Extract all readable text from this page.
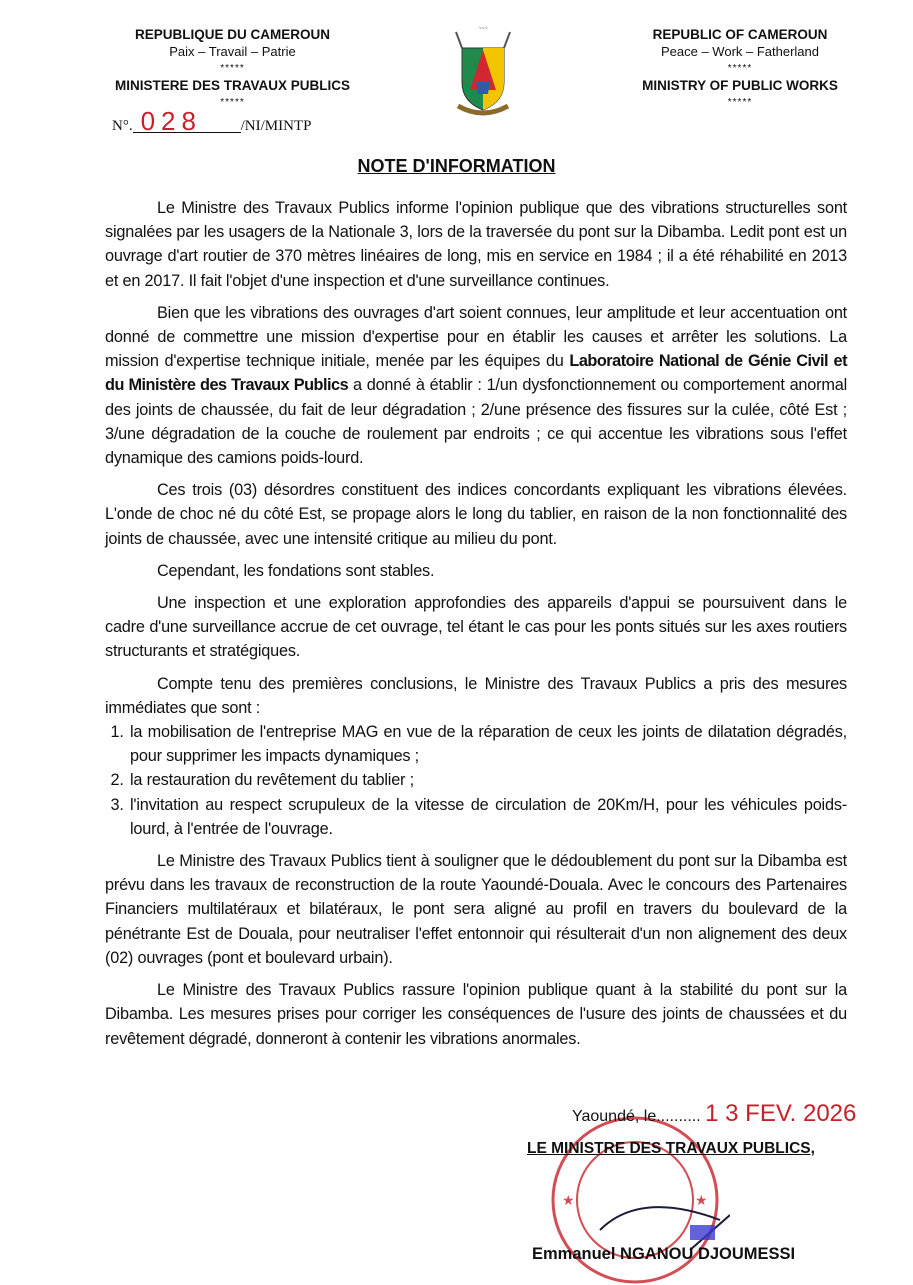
REPUBLIQUE DU CAMEROUN
Paix – Travail – Patrie
*****
MINISTERE DES TRAVAUX PUBLICS
*****
REPUBLIC OF CAMEROUN
Peace – Work – Fatherland
*****
MINISTRY OF PUBLIC WORKS
*****
~~~
N°. 028	/NI/MINTP
NOTE D'INFORMATION

Le Ministre des Travaux Publics informe l'opinion publique que des vibrations structurelles sont signalées par les usagers de la Nationale 3, lors de la traversée du pont sur la Dibamba. Ledit pont est un ouvrage d'art routier de 370 mètres linéaires de long, mis en service en 1984 ; il a été réhabilité en 2013 et en 2017. Il fait l'objet d'une inspection et d'une surveillance continues.

Bien que les vibrations des ouvrages d'art soient connues, leur amplitude et leur accentuation ont donné de commettre une mission d'expertise pour en établir les causes et arrêter les solutions. La mission d'expertise technique initiale, menée par les équipes du Laboratoire National de Génie Civil et du Ministère des Travaux Publics a donné à établir : 1/un dysfonctionnement ou comportement anormal des joints de chaussée, du fait de leur dégradation ; 2/une présence des fissures sur la culée, côté Est ; 3/une dégradation de la couche de roulement par endroits ; ce qui accentue les vibrations sous l'effet dynamique des camions poids-lourd.

Ces trois (03) désordres constituent des indices concordants expliquant les vibrations élevées. L'onde de choc né du côté Est, se propage alors le long du tablier, en raison de la non fonctionnalité des joints de chaussée, avec une intensité critique au milieu du pont.

Cependant, les fondations sont stables.

Une inspection et une exploration approfondies des appareils d'appui se poursuivent dans le cadre d'une surveillance accrue de cet ouvrage, tel étant le cas pour les ponts situés sur les axes routiers structurants et stratégiques.

Compte tenu des premières conclusions, le Ministre des Travaux Publics a pris des mesures immédiates que sont :

1. la mobilisation de l'entreprise MAG en vue de la réparation de ceux les joints de dilatation dégradés, pour supprimer les impacts dynamiques ;
2. la restauration du revêtement du tablier ;
3. l'invitation au respect scrupuleux de la vitesse de circulation de 20Km/H, pour les véhicules poids-lourd, à l'entrée de l'ouvrage.

Le Ministre des Travaux Publics tient à souligner que le dédoublement du pont sur la Dibamba est prévu dans les travaux de reconstruction de la route Yaoundé-Douala. Avec le concours des Partenaires Financiers multilatéraux et bilatéraux, le pont sera aligné au profil en travers du boulevard de la pénétrante Est de Douala, pour neutraliser l'effet entonnoir qui résulterait d'un non alignement des deux (02) ouvrages (pont et boulevard urbain).

Le Ministre des Travaux Publics rassure l'opinion publique quant à la stabilité du pont sur la Dibamba. Les mesures prises pour corriger les conséquences de l'usure des joints de chaussées et du revêtement dégradé, donneront à contenir les vibrations anormales.

★	★
Yaoundé, le.......... 1 3 FEV. 2026
LE MINISTRE DES TRAVAUX PUBLICS,
Emmanuel NGANOU DJOUMESSI
